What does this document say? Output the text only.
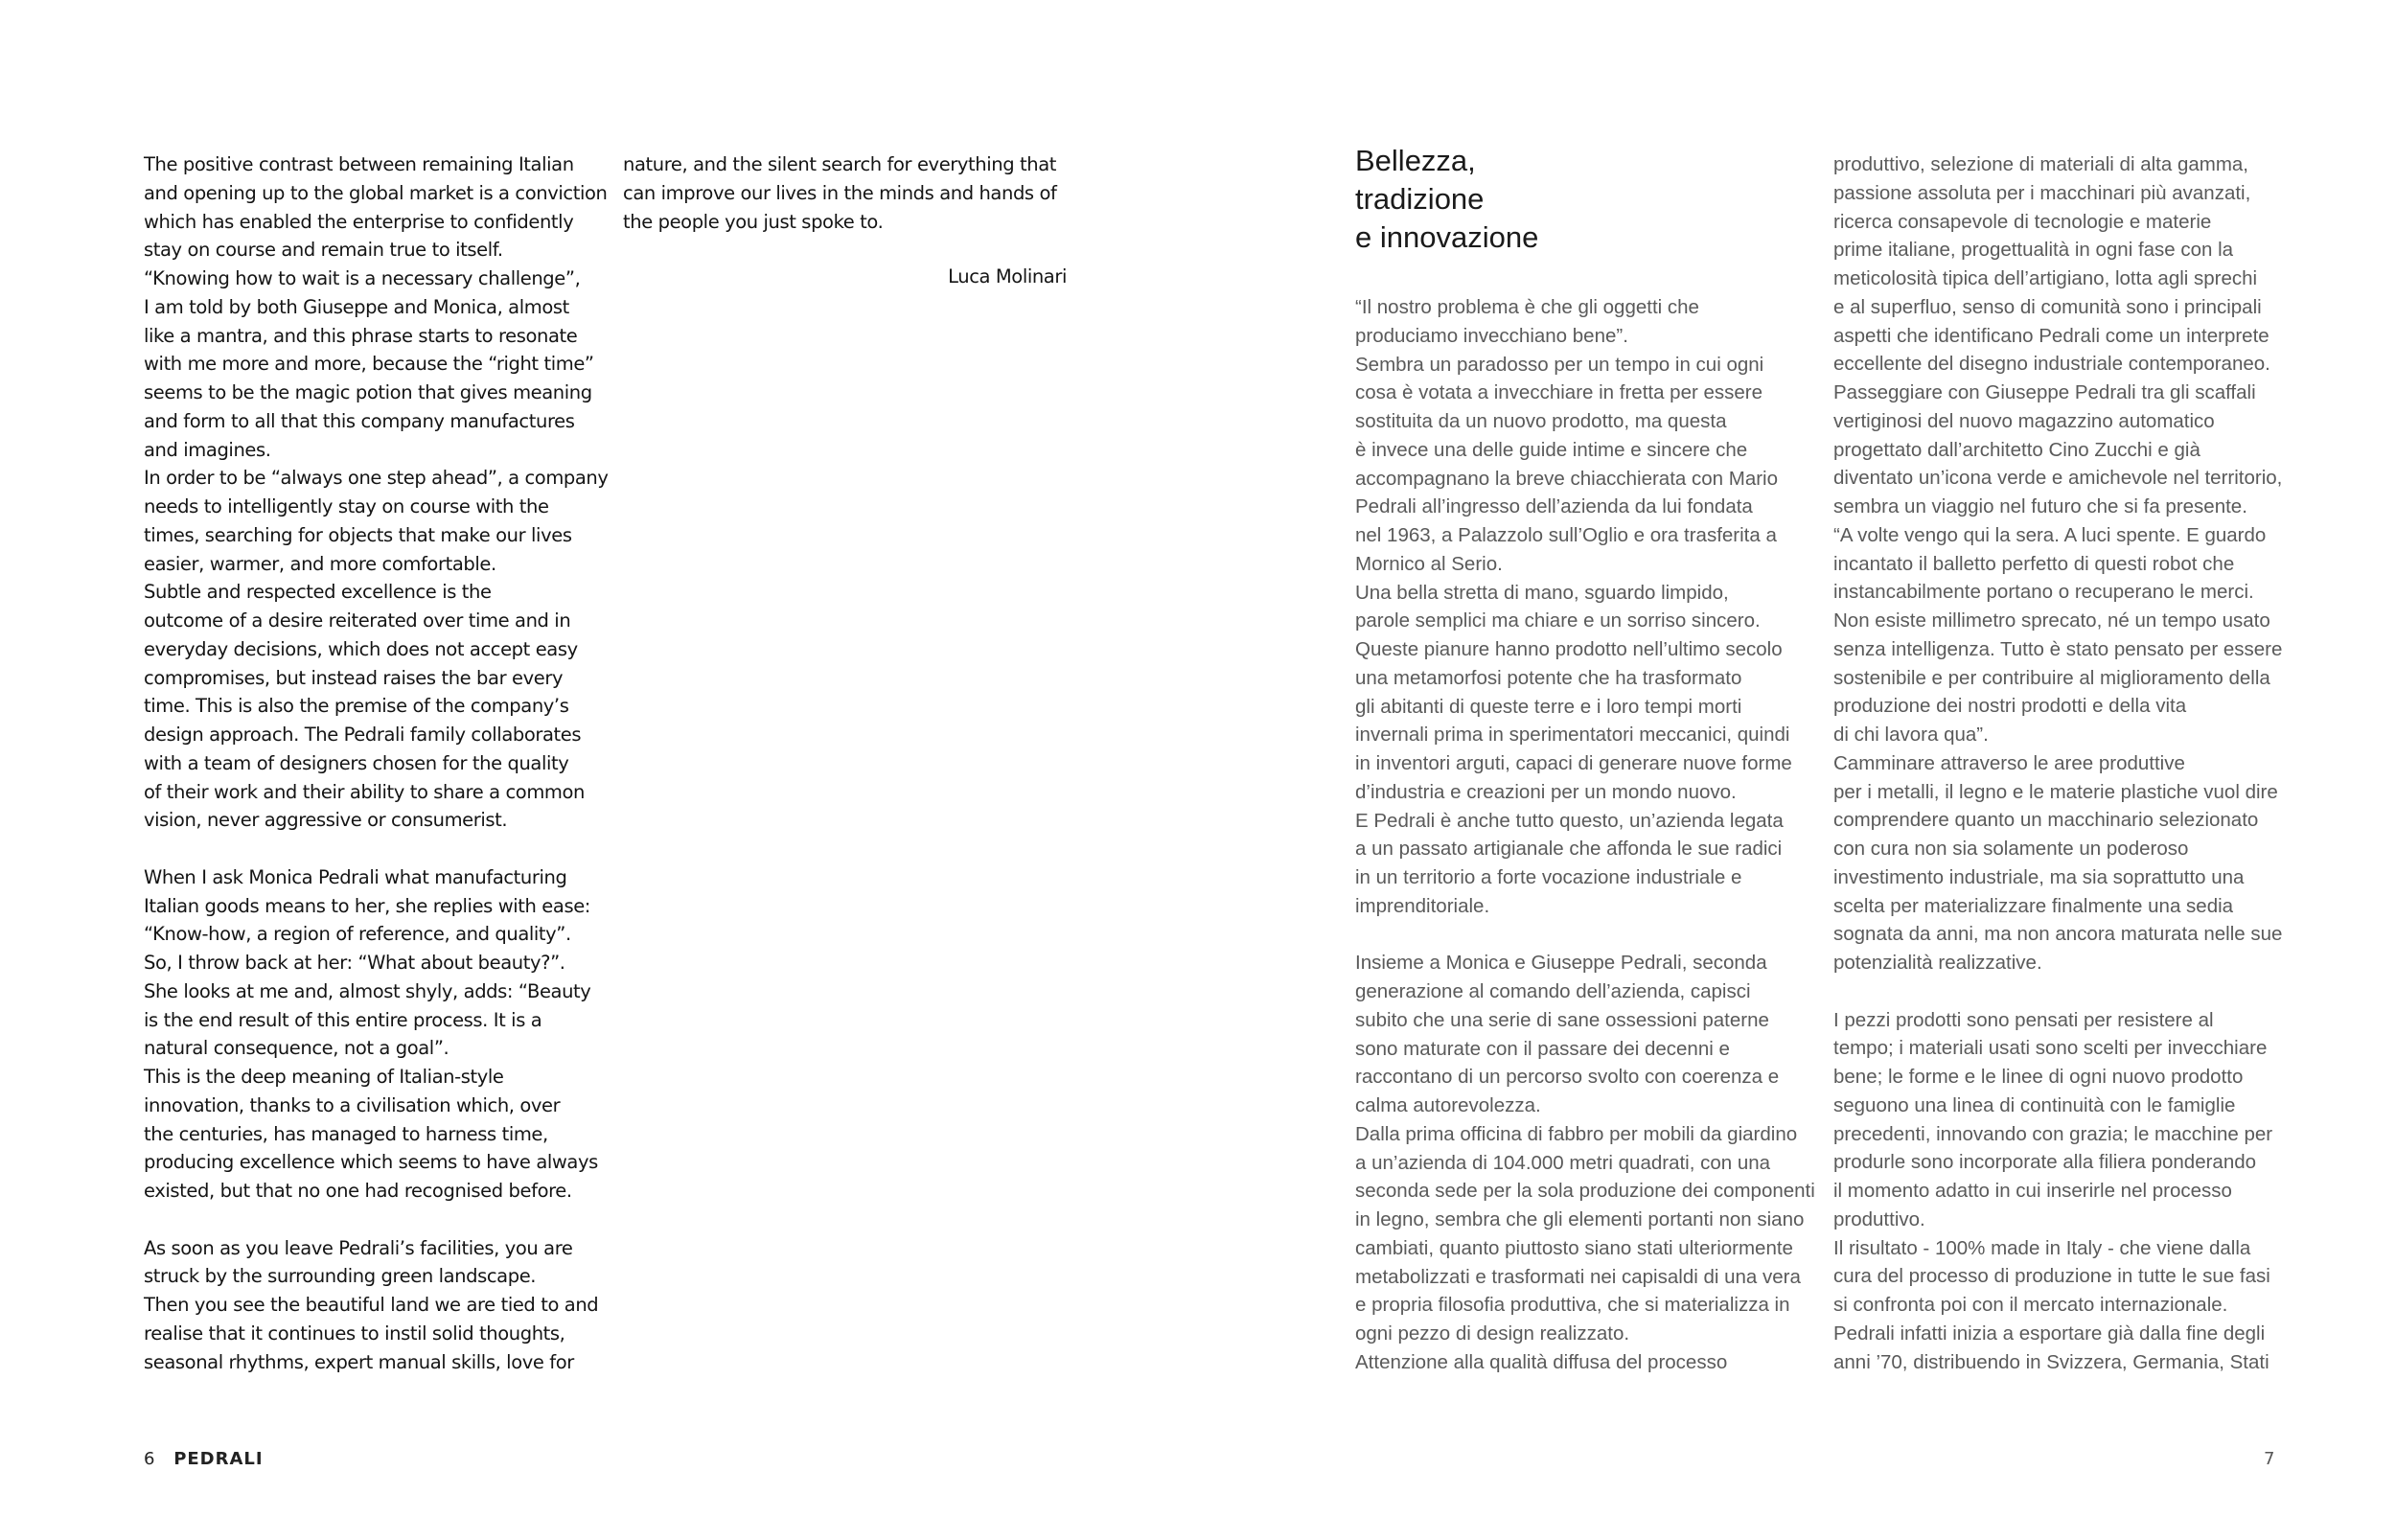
The positive contrast between remaining Italian
and opening up to the global market is a conviction
which has enabled the enterprise to confidently
stay on course and remain true to itself.
“Knowing how to wait is a necessary challenge”,
I am told by both Giuseppe and Monica, almost
like a mantra, and this phrase starts to resonate
with me more and more, because the “right time”
seems to be the magic potion that gives meaning
and form to all that this company manufactures
and imagines.
In order to be “always one step ahead”, a company
needs to intelligently stay on course with the
times, searching for objects that make our lives
easier, warmer, and more comfortable.
Subtle and respected excellence is the
outcome of a desire reiterated over time and in
everyday decisions, which does not accept easy
compromises, but instead raises the bar every
time. This is also the premise of the company’s
design approach. The Pedrali family collaborates
with a team of designers chosen for the quality
of their work and their ability to share a common
vision, never aggressive or consumerist.
When I ask Monica Pedrali what manufacturing
Italian goods means to her, she replies with ease:
“Know-how, a region of reference, and quality”.
So, I throw back at her: “What about beauty?”.
She looks at me and, almost shyly, adds: “Beauty
is the end result of this entire process. It is a
natural consequence, not a goal”.
This is the deep meaning of Italian-style
innovation, thanks to a civilisation which, over
the centuries, has managed to harness time,
producing excellence which seems to have always
existed, but that no one had recognised before.
As soon as you leave Pedrali’s facilities, you are
struck by the surrounding green landscape.
Then you see the beautiful land we are tied to and
realise that it continues to instil solid thoughts,
seasonal rhythms, expert manual skills, love for
nature, and the silent search for everything that
can improve our lives in the minds and hands of
the people you just spoke to.
Luca Molinari
Bellezza,
tradizione
e innovazione
“Il nostro problema è che gli oggetti che
produciamo invecchiano bene”.
Sembra un paradosso per un tempo in cui ogni
cosa è votata a invecchiare in fretta per essere
sostituita da un nuovo prodotto, ma questa
è invece una delle guide intime e sincere che
accompagnano la breve chiacchierata con Mario
Pedrali all’ingresso dell’azienda da lui fondata
nel 1963, a Palazzolo sull’Oglio e ora trasferita a
Mornico al Serio.
Una bella stretta di mano, sguardo limpido,
parole semplici ma chiare e un sorriso sincero.
Queste pianure hanno prodotto nell’ultimo secolo
una metamorfosi potente che ha trasformato
gli abitanti di queste terre e i loro tempi morti
invernali prima in sperimentatori meccanici, quindi
in inventori arguti, capaci di generare nuove forme
d’industria e creazioni per un mondo nuovo.
E Pedrali è anche tutto questo, un’azienda legata
a un passato artigianale che affonda le sue radici
in un territorio a forte vocazione industriale e
imprenditoriale.
Insieme a Monica e Giuseppe Pedrali, seconda
generazione al comando dell’azienda, capisci
subito che una serie di sane ossessioni paterne
sono maturate con il passare dei decenni e
raccontano di un percorso svolto con coerenza e
calma autorevolezza.
Dalla prima officina di fabbro per mobili da giardino
a un’azienda di 104.000 metri quadrati, con una
seconda sede per la sola produzione dei componenti
in legno, sembra che gli elementi portanti non siano
cambiati, quanto piuttosto siano stati ulteriormente
metabolizzati e trasformati nei capisaldi di una vera
e propria filosofia produttiva, che si materializza in
ogni pezzo di design realizzato.
Attenzione alla qualità diffusa del processo
produttivo, selezione di materiali di alta gamma,
passione assoluta per i macchinari più avanzati,
ricerca consapevole di tecnologie e materie
prime italiane, progettualità in ogni fase con la
meticolosità tipica dell’artigiano, lotta agli sprechi
e al superfluo, senso di comunità sono i principali
aspetti che identificano Pedrali come un interprete
eccellente del disegno industriale contemporaneo.
Passeggiare con Giuseppe Pedrali tra gli scaffali
vertiginosi del nuovo magazzino automatico
progettato dall’architetto Cino Zucchi e già
diventato un’icona verde e amichevole nel territorio,
sembra un viaggio nel futuro che si fa presente.
“A volte vengo qui la sera. A luci spente. E guardo
incantato il balletto perfetto di questi robot che
instancabilmente portano o recuperano le merci.
Non esiste millimetro sprecato, né un tempo usato
senza intelligenza. Tutto è stato pensato per essere
sostenibile e per contribuire al miglioramento della
produzione dei nostri prodotti e della vita
di chi lavora qua”.
Camminare attraverso le aree produttive
per i metalli, il legno e le materie plastiche vuol dire
comprendere quanto un macchinario selezionato
con cura non sia solamente un poderoso
investimento industriale, ma sia soprattutto una
scelta per materializzare finalmente una sedia
sognata da anni, ma non ancora maturata nelle sue
potenzialità realizzative.
I pezzi prodotti sono pensati per resistere al
tempo; i materiali usati sono scelti per invecchiare
bene; le forme e le linee di ogni nuovo prodotto
seguono una linea di continuità con le famiglie
precedenti, innovando con grazia; le macchine per
produrle sono incorporate alla filiera ponderando
il momento adatto in cui inserirle nel processo
produttivo.
Il risultato - 100% made in Italy - che viene dalla
cura del processo di produzione in tutte le sue fasi
si confronta poi con il mercato internazionale.
Pedrali infatti inizia a esportare già dalla fine degli
anni ’70, distribuendo in Svizzera, Germania, Stati
6 PEDRALI	7
